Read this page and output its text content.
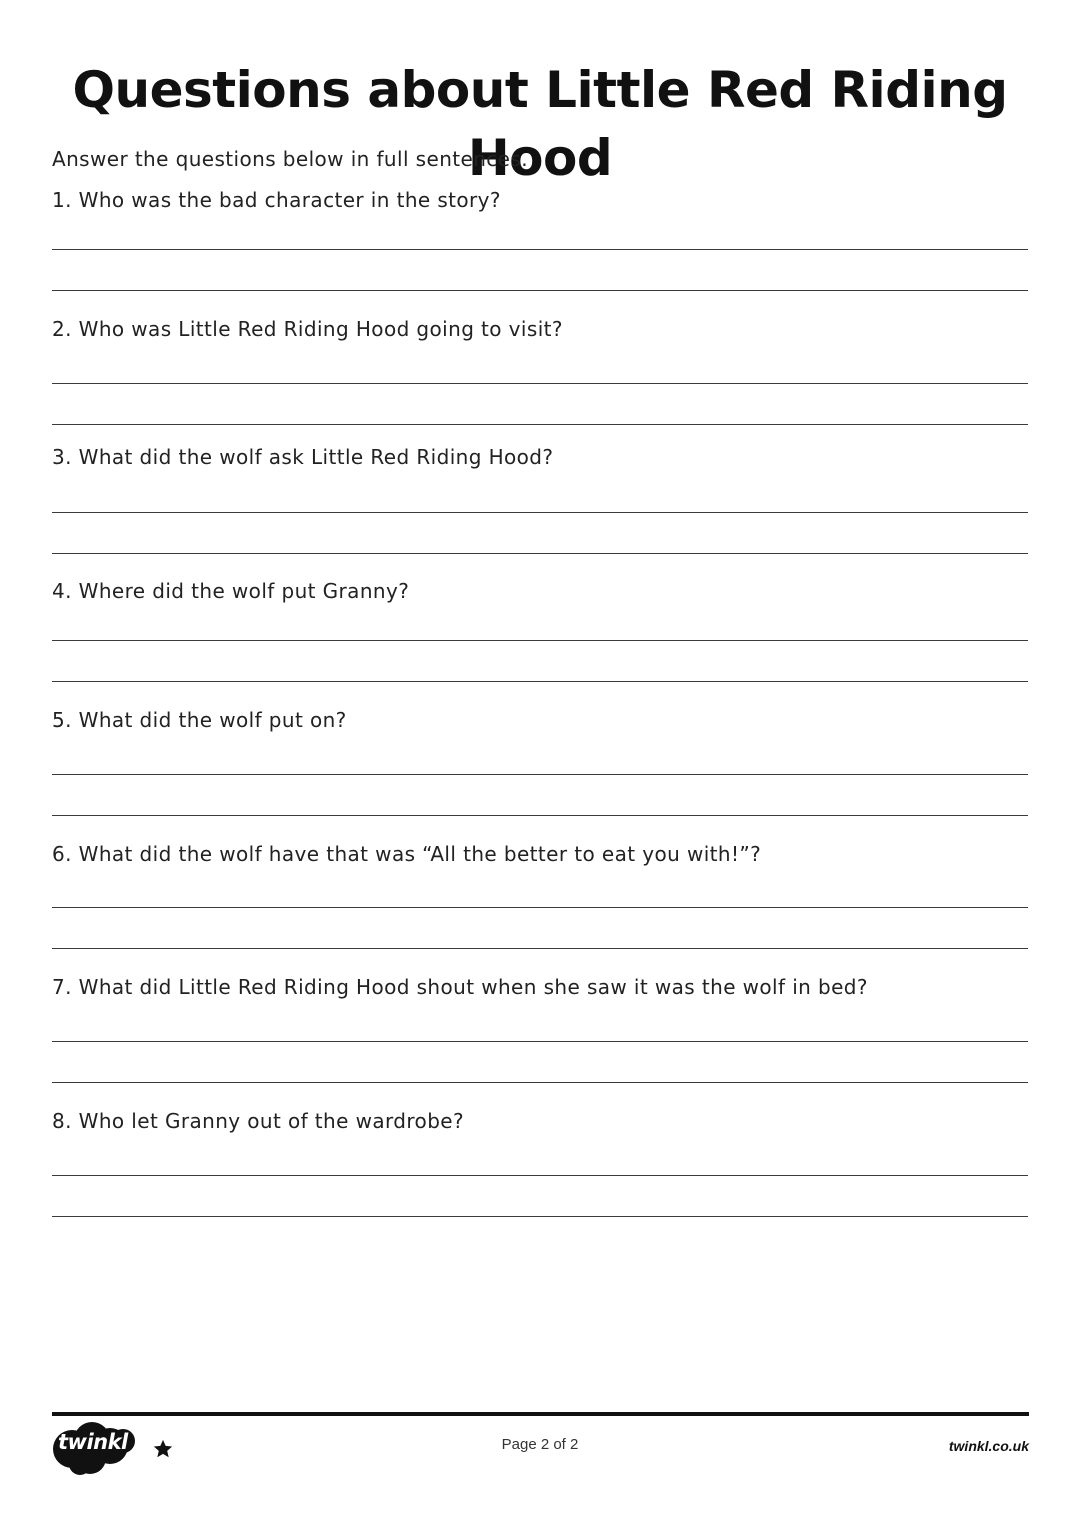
Questions about Little Red Riding Hood
Answer the questions below in full sentences.
1. Who was the bad character in the story?
2. Who was Little Red Riding Hood going to visit?
3. What did the wolf ask Little Red Riding Hood?
4. Where did the wolf put Granny?
5. What did the wolf put on?
6. What did the wolf have that was “All the better to eat you with!”?
7. What did Little Red Riding Hood shout when she saw it was the wolf in bed?
8. Who let Granny out of the wardrobe?
twinkl	Page 2 of 2	twinkl.co.uk
